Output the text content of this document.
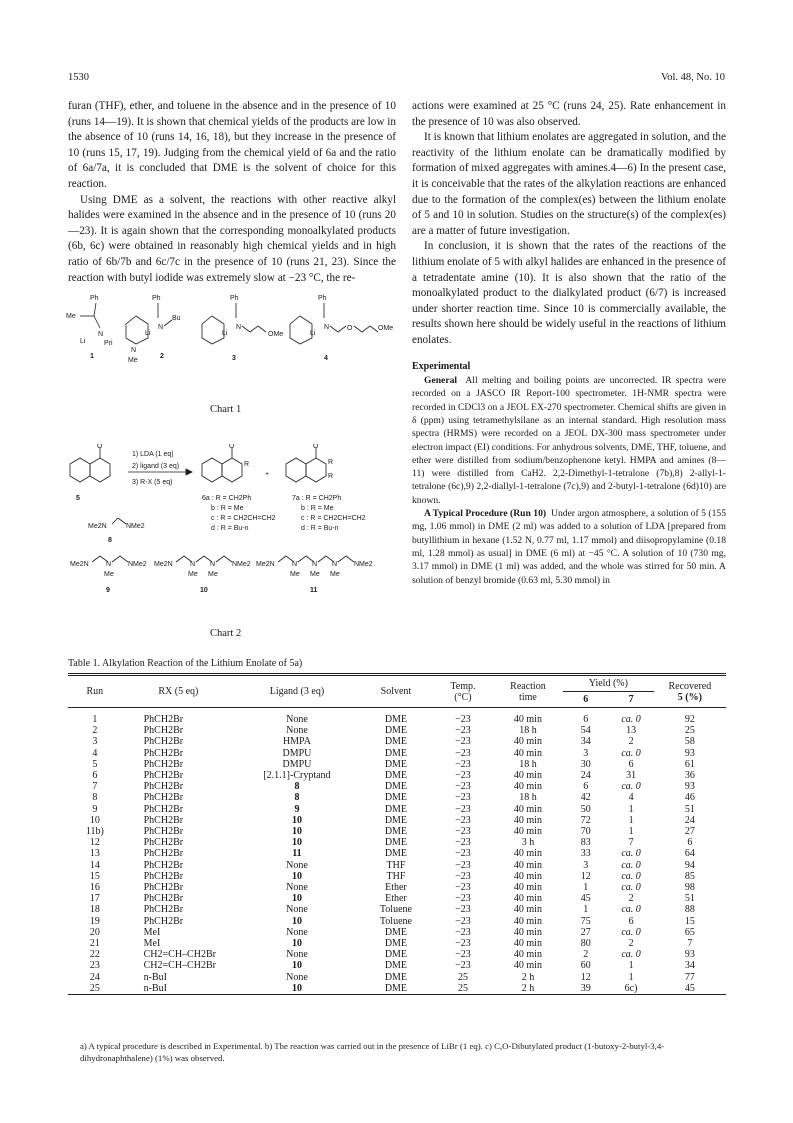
1530	Vol. 48, No. 10

furan (THF), ether, and toluene in the absence and in the presence of 10 (runs 14—19). It is shown that chemical yields of the products are low in the absence of 10 (runs 14, 16, 18), but they increase in the presence of 10 (runs 15, 17, 19). Judging from the chemical yield of 6a and the ratio of 6a/7a, it is concluded that DME is the solvent of choice for this reaction.

Using DME as a solvent, the reactions with other reactive alkyl halides were examined in the absence and in the presence of 10 (runs 20—23). It is again shown that the corresponding monoalkylated products (6b, 6c) were obtained in reasonably high chemical yields and in high ratio of 6b/7b and 6c/7c in the presence of 10 (runs 21, 23). Since the reaction with butyl iodide was extremely slow at −23 °C, the re-

actions were examined at 25 °C (runs 24, 25). Rate enhancement in the presence of 10 was also observed.

It is known that lithium enolates are aggregated in solution, and the reactivity of the lithium enolate can be dramatically modified by formation of mixed aggregates with amines.4—6) In the present case, it is conceivable that the rates of the alkylation reactions are enhanced due to the formation of the complex(es) between the lithium enolate of 5 and 10 in solution. Studies on the structure(s) of the complex(es) are a matter of future investigation.

In conclusion, it is shown that the rates of the reactions of the lithium enolate of 5 with alkyl halides are enhanced in the presence of a tetradentate amine (10). It is also shown that the ratio of the monoalkylated product to the dialkylated product (6/7) is increased under shorter reaction time. Since 10 is commercially available, the results shown here should be widely useful in the reactions of lithium enolates.

Experimental

General All melting and boiling points are uncorrected. IR spectra were recorded on a JASCO IR Report-100 spectrometer. 1H-NMR spectra were recorded in CDCl3 on a JEOL EX-270 spectrometer. Chemical shifts are given in δ (ppm) using tetramethylsilane as an internal standard. High resolution mass spectra (HRMS) were recorded on a JEOL DX-300 mass spectrometer under electron impact (EI) conditions. For anhydrous solvents, DME, THF, toluene, and ether were distilled from sodium/benzophenone ketyl. HMPA and amines (8—11) were distilled from CaH2. 2,2-Dimethyl-1-tetralone (7b),8) 2-allyl-1-tetralone (6c),9) 2,2-diallyl-1-tetralone (7c),9) and 2-butyl-1-tetralone (6d)10) are known.

A Typical Procedure (Run 10) Under argon atmosphere, a solution of 5 (155 mg, 1.06 mmol) in DME (2 ml) was added to a solution of LDA [prepared from butyllithium in hexane (1.52 N, 0.77 ml, 1.17 mmol) and diisopropylamine (0.18 ml, 1.28 mmol) as usual] in DME (6 ml) at −45 °C. A solution of 10 (730 mg, 3.17 mmol) in DME (1 ml) was added, and the whole was stirred for 50 min. A solution of benzyl bromide (0.63 ml, 5.30 mmol) in

Ph
Me
N
Li	Pri
1
Ph
N
Li
N
Bu
Me
2
Ph
Li
N
OMe
3
Ph
Li
N	O	OMe
4
Chart 1
O
5
1) LDA (1 eq)
2) ligand (3 eq)
3) R-X (5 eq)
O
R
+
O
R
R
6a : R = CH2Ph
b : R = Me
c : R = CH2CH=CH2
d : R = Bu-n
7a : R = CH2Ph
b : R = Me
c : R = CH2CH=CH2
d : R = Bu-n
Me2N	NMe2
8
Me2N N
Me
NMe2
9
Me2N N
Me
N
Me
NMe2
10
Me2N N
Me
N
Me
N
Me
NMe2
11
Chart 2
Table 1. Alkylation Reaction of the Lithium Enolate of 5a)
Run	RX (5 eq)	Ligand (3 eq)	Solvent	Temp.
(°C)	Reaction
time	Yield (%)		Recovered
5 (%)
						6	7	

1	PhCH2Br	None	DME	−23	40 min	6	ca. 0	92
2	PhCH2Br	None	DME	−23	18 h	54	13	25
3	PhCH2Br	HMPA	DME	−23	40 min	34	2	58
4	PhCH2Br	DMPU	DME	−23	40 min	3	ca. 0	93
5	PhCH2Br	DMPU	DME	−23	18 h	30	6	61
6	PhCH2Br	[2.1.1]-Cryptand	DME	−23	40 min	24	31	36
7	PhCH2Br	8	DME	−23	40 min	6	ca. 0	93
8	PhCH2Br	8	DME	−23	18 h	42	4	46
9	PhCH2Br	9	DME	−23	40 min	50	1	51
10	PhCH2Br	10	DME	−23	40 min	72	1	24
11b)	PhCH2Br	10	DME	−23	40 min	70	1	27
12	PhCH2Br	10	DME	−23	3 h	83	7	6
13	PhCH2Br	11	DME	−23	40 min	33	ca. 0	64
14	PhCH2Br	None	THF	−23	40 min	3	ca. 0	94
15	PhCH2Br	10	THF	−23	40 min	12	ca. 0	85
16	PhCH2Br	None	Ether	−23	40 min	1	ca. 0	98
17	PhCH2Br	10	Ether	−23	40 min	45	2	51
18	PhCH2Br	None	Toluene	−23	40 min	1	ca. 0	88
19	PhCH2Br	10	Toluene	−23	40 min	75	6	15
20	MeI	None	DME	−23	40 min	27	ca. 0	65
21	MeI	10	DME	−23	40 min	80	2	7
22	CH2=CH–CH2Br	None	DME	−23	40 min	2	ca. 0	93
23	CH2=CH–CH2Br	10	DME	−23	40 min	60	1	34
24	n-BuI	None	DME	25	2 h	12	1	77
25	n-BuI	10	DME	25	2 h	39	6c)	45
a) A typical procedure is described in Experimental. b) The reaction was carried out in the presence of LiBr (1 eq). c) C,O-Dibutylated product (1-butoxy-2-butyl-3,4-dihydronaphthalene) (1%) was observed.
